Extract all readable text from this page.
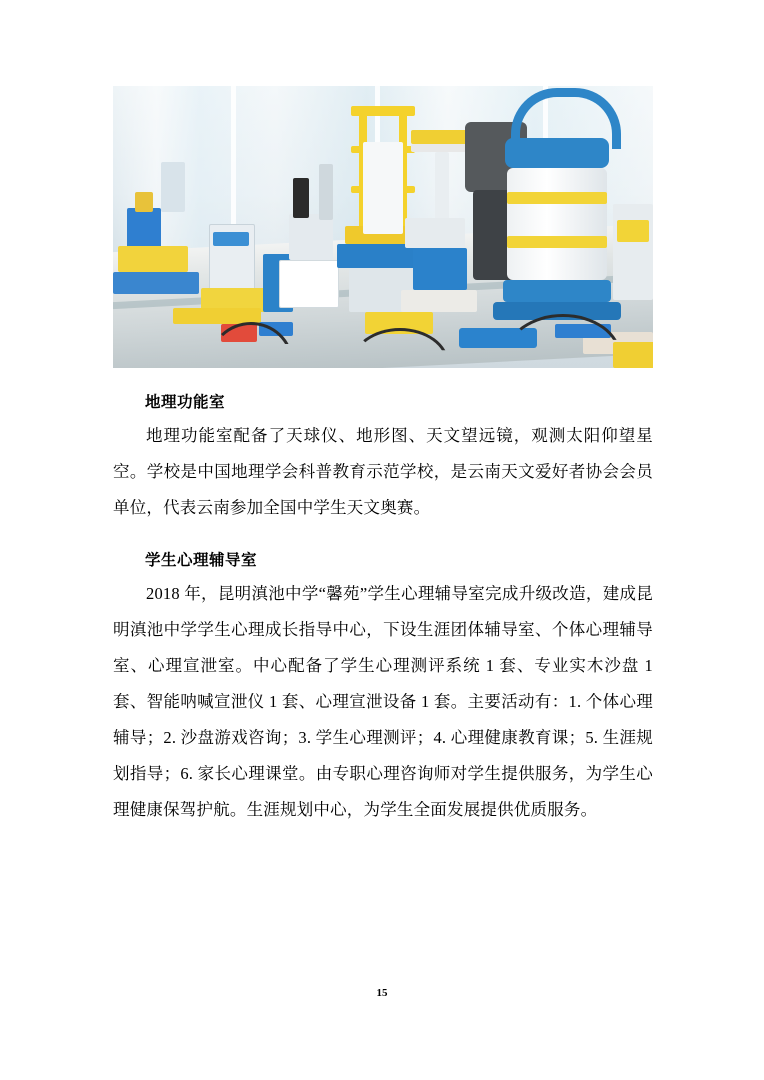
地理功能室

地理功能室配备了天球仪、地形图、天文望远镜，观测太阳仰望星空。学校是中国地理学会科普教育示范学校，是云南天文爱好者协会会员单位，代表云南参加全国中学生天文奥赛。

学生心理辅导室

2018 年，昆明滇池中学“馨苑”学生心理辅导室完成升级改造，建成昆明滇池中学学生心理成长指导中心，下设生涯团体辅导室、个体心理辅导室、心理宣泄室。中心配备了学生心理测评系统 1 套、专业实木沙盘 1 套、智能呐喊宣泄仪 1 套、心理宣泄设备 1 套。主要活动有：1. 个体心理辅导；2. 沙盘游戏咨询；3. 学生心理测评；4. 心理健康教育课；5. 生涯规划指导；6. 家长心理课堂。由专职心理咨询师对学生提供服务，为学生心理健康保驾护航。生涯规划中心，为学生全面发展提供优质服务。

15
